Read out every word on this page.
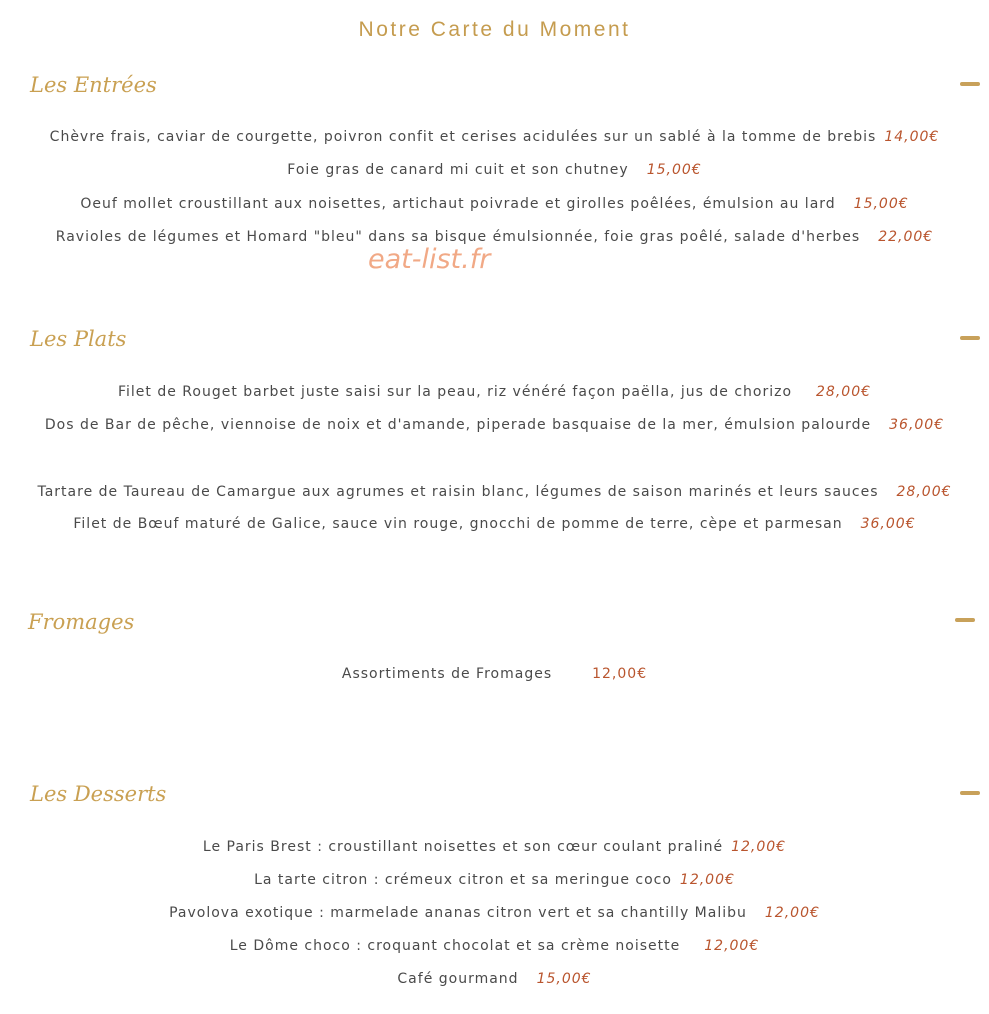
Notre Carte du Moment
Les Entrées
Chèvre frais, caviar de courgette, poivron confit et cerises acidulées sur un sablé à la tomme de brebis 14,00€
Foie gras de canard mi cuit et son chutney 15,00€
Oeuf mollet croustillant aux noisettes, artichaut poivrade et girolles poêlées, émulsion au lard 15,00€
Ravioles de légumes et Homard "bleu" dans sa bisque émulsionnée, foie gras poêlé, salade d'herbes 22,00€
eat-list.fr
Les Plats
Filet de Rouget barbet juste saisi sur la peau, riz vénéré façon paëlla, jus de chorizo 28,00€
Dos de Bar de pêche, viennoise de noix et d'amande, piperade basquaise de la mer, émulsion palourde 36,00€
Tartare de Taureau de Camargue aux agrumes et raisin blanc, légumes de saison marinés et leurs sauces 28,00€
Filet de Bœuf maturé de Galice, sauce vin rouge, gnocchi de pomme de terre, cèpe et parmesan 36,00€
Fromages
Assortiments de Fromages	12,00€
Les Desserts
Le Paris Brest : croustillant noisettes et son cœur coulant praliné 12,00€
La tarte citron : crémeux citron et sa meringue coco 12,00€
Pavolova exotique : marmelade ananas citron vert et sa chantilly Malibu 12,00€
Le Dôme choco : croquant chocolat et sa crème noisette 12,00€
Café gourmand 15,00€
